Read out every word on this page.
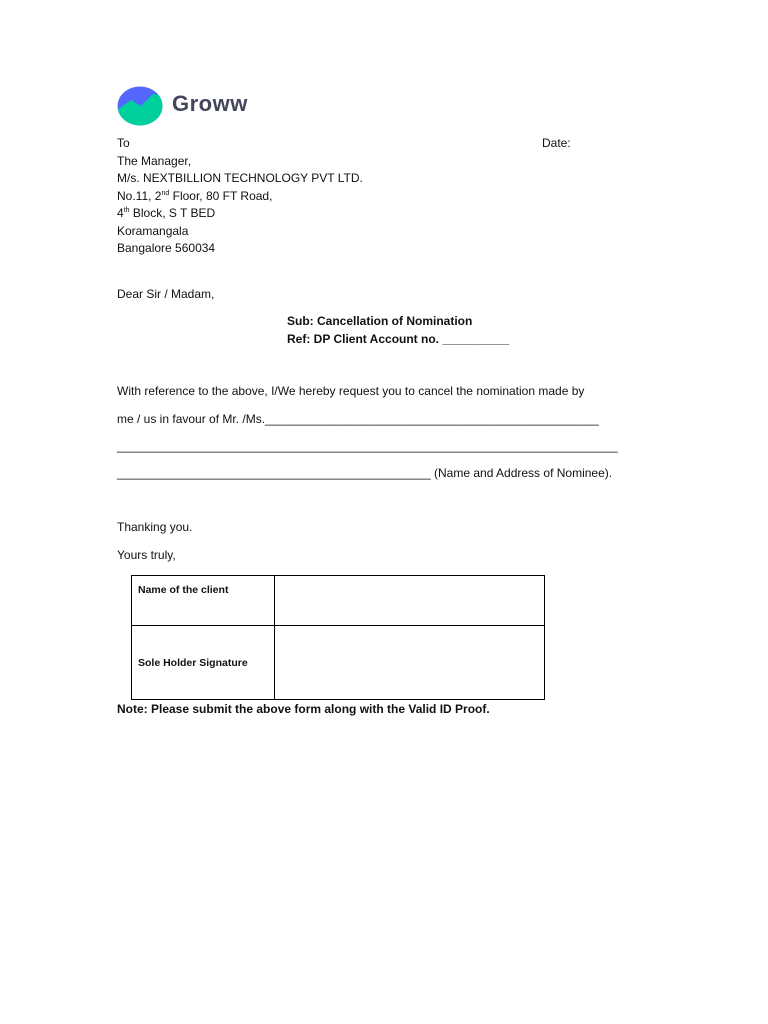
Groww
To	Date:
The Manager,
M/s. NEXTBILLION TECHNOLOGY PVT LTD.
No.11, 2nd Floor, 80 FT Road,
4th Block, S T BED
Koramangala
Bangalore 560034
Dear Sir / Madam,
Sub: Cancellation of Nomination
Ref: DP Client Account no. __________
With reference to the above, I/We hereby request you to cancel the nomination made by
me / us in favour of Mr. /Ms.__________________________________________________
___________________________________________________________________________
_______________________________________________ (Name and Address of Nominee).
Thanking you.
Yours truly,
Name of the client	
Sole Holder Signature	
Note: Please submit the above form along with the Valid ID Proof.
